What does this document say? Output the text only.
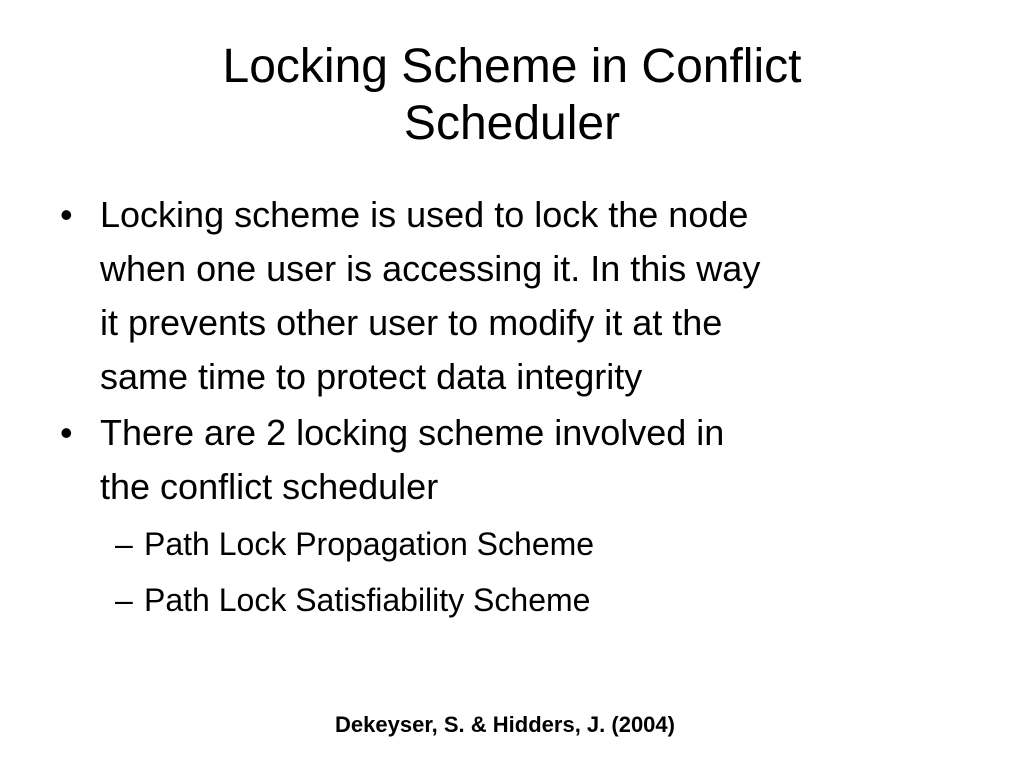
Locking Scheme in Conflict
Scheduler
• Locking scheme is used to lock the node
when one user is accessing it. In this way
it prevents other user to modify it at the
same time to protect data integrity
• There are 2 locking scheme involved in
the conflict scheduler
– Path Lock Propagation Scheme
– Path Lock Satisfiability Scheme
Dekeyser, S. & Hidders, J. (2004)
